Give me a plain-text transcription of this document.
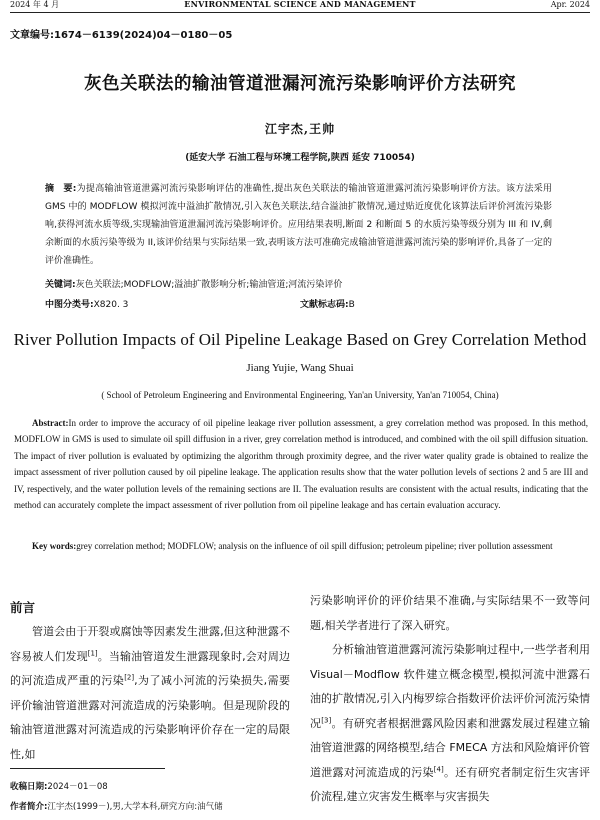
2024 年 4 月	ENVIRONMENTAL SCIENCE AND MANAGEMENT	Apr. 2024
文章编号:1674－6139(2024)04－0180－05
灰色关联法的输油管道泄漏河流污染影响评价方法研究
江宇杰,王帅
(延安大学 石油工程与环境工程学院,陕西 延安 710054)
摘　要:为提高输油管道泄露河流污染影响评估的准确性,提出灰色关联法的输油管道泄露河流污染影响评价方法。该方法采用 GMS 中的 MODFLOW 模拟河流中溢油扩散情况,引入灰色关联法,结合溢油扩散情况,通过贴近度优化该算法后评价河流污染影响,获得河流水质等级,实现输油管道泄漏河流污染影响评价。应用结果表明,断面 2 和断面 5 的水质污染等级分别为 III 和 IV,剩余断面的水质污染等级为 II,该评价结果与实际结果一致,表明该方法可准确完成输油管道泄露河流污染的影响评价,具备了一定的评价准确性。
关键词:灰色关联法;MODFLOW;溢油扩散影响分析;输油管道;河流污染评价
中图分类号:X820. 3	文献标志码:B
River Pollution Impacts of Oil Pipeline Leakage Based on Grey Correlation Method
Jiang Yujie, Wang Shuai
( School of Petroleum Engineering and Environmental Engineering, Yan'an University, Yan'an 710054, China)
Abstract:In order to improve the accuracy of oil pipeline leakage river pollution assessment, a grey correlation method was proposed. In this method, MODFLOW in GMS is used to simulate oil spill diffusion in a river, grey correlation method is introduced, and combined with the oil spill diffusion situation. The impact of river pollution is evaluated by optimizing the algorithm through proximity degree, and the river water quality grade is obtained to realize the impact assessment of river pollution caused by oil pipeline leakage. The application results show that the water pollution levels of sections 2 and 5 are III and IV, respectively, and the water pollution levels of the remaining sections are II. The evaluation results are consistent with the actual results, indicating that the method can accurately complete the impact assessment of river pollution from oil pipeline leakage and has certain evaluation accuracy.
Key words:grey correlation method; MODFLOW; analysis on the influence of oil spill diffusion; petroleum pipeline; river pollution assessment
前言

管道会由于开裂或腐蚀等因素发生泄露,但这种泄露不容易被人们发现[1]。当输油管道发生泄露现象时,会对周边的河流造成严重的污染[2],为了减小河流的污染损失,需要评价输油管道泄露对河流造成的污染影响。但是现阶段的输油管道泄露对河流造成的污染影响评价存在一定的局限性,如

污染影响评价的评价结果不准确,与实际结果不一致等问题,相关学者进行了深入研究。

分析输油管道泄露河流污染影响过程中,一些学者利用 Visual－Modflow 软件建立概念模型,模拟河流中泄露石油的扩散情况,引入内梅罗综合指数评价法评价河流污染情况[3]。有研究者根据泄露风险因素和泄露发展过程建立输油管道泄露的网络模型,结合 FMECA 方法和风险熵评价管道泄露对河流造成的污染[4]。还有研究者制定衍生灾害评价流程,建立灾害发生概率与灾害损失

收稿日期:2024－01－08
作者简介:江宇杰(1999－),男,大学本科,研究方向:油气储
